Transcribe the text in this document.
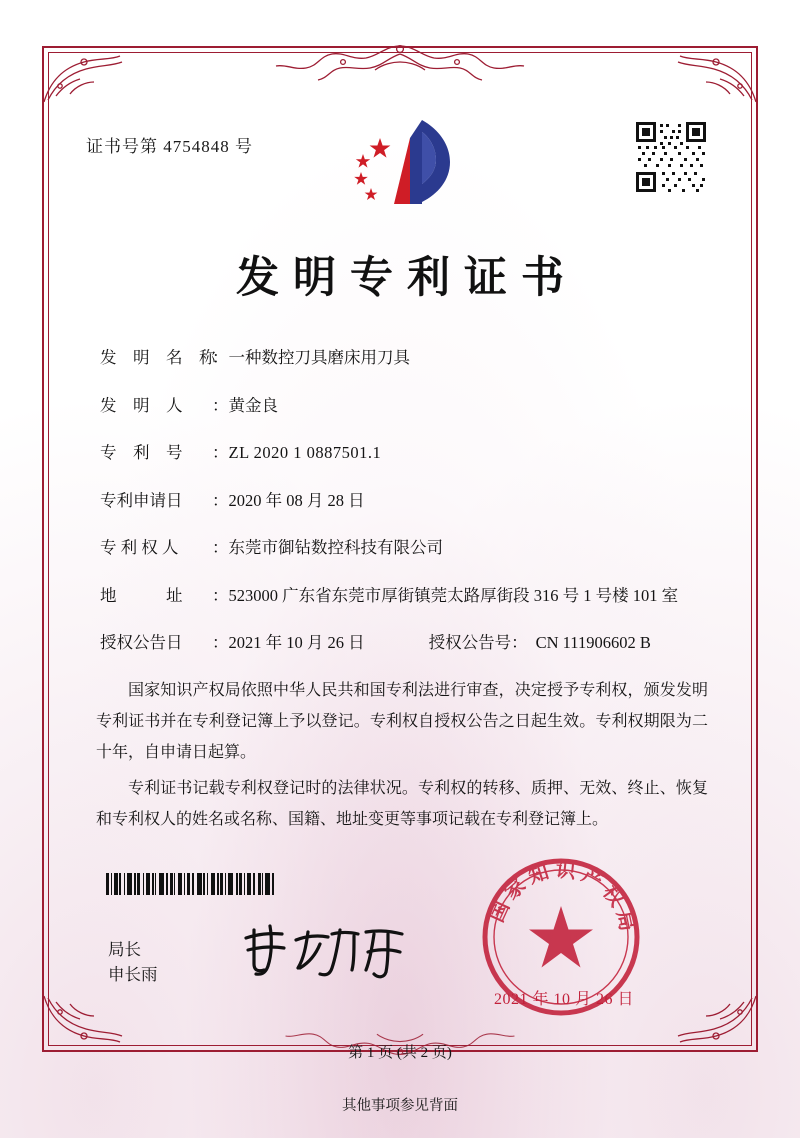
证书号第 4754848 号
发明专利证书
发　明　名　称
： 一种数控刀具磨床用刀具
发　明　人	： 黄金良
专　利　号	： ZL 2020 1 0887501.1
专利申请日	： 2020 年 08 月 28 日
专 利 权 人	： 东莞市御钻数控科技有限公司
地　　　址	： 523000 广东省东莞市厚街镇莞太路厚街段 316 号 1 号楼 101 室
授权公告日	： 2021 年 10 月 26 日	授权公告号： CN 111906602 B

国家知识产权局依照中华人民共和国专利法进行审查，决定授予专利权，颁发发明专利证书并在专利登记簿上予以登记。专利权自授权公告之日起生效。专利权期限为二十年，自申请日起算。

专利证书记载专利权登记时的法律状况。专利权的转移、质押、无效、终止、恢复和专利权人的姓名或名称、国籍、地址变更等事项记载在专利登记簿上。

局长
申长雨
国家知识产权局
2021 年 10 月 26 日
第 1 页 (共 2 页)
其他事项参见背面
